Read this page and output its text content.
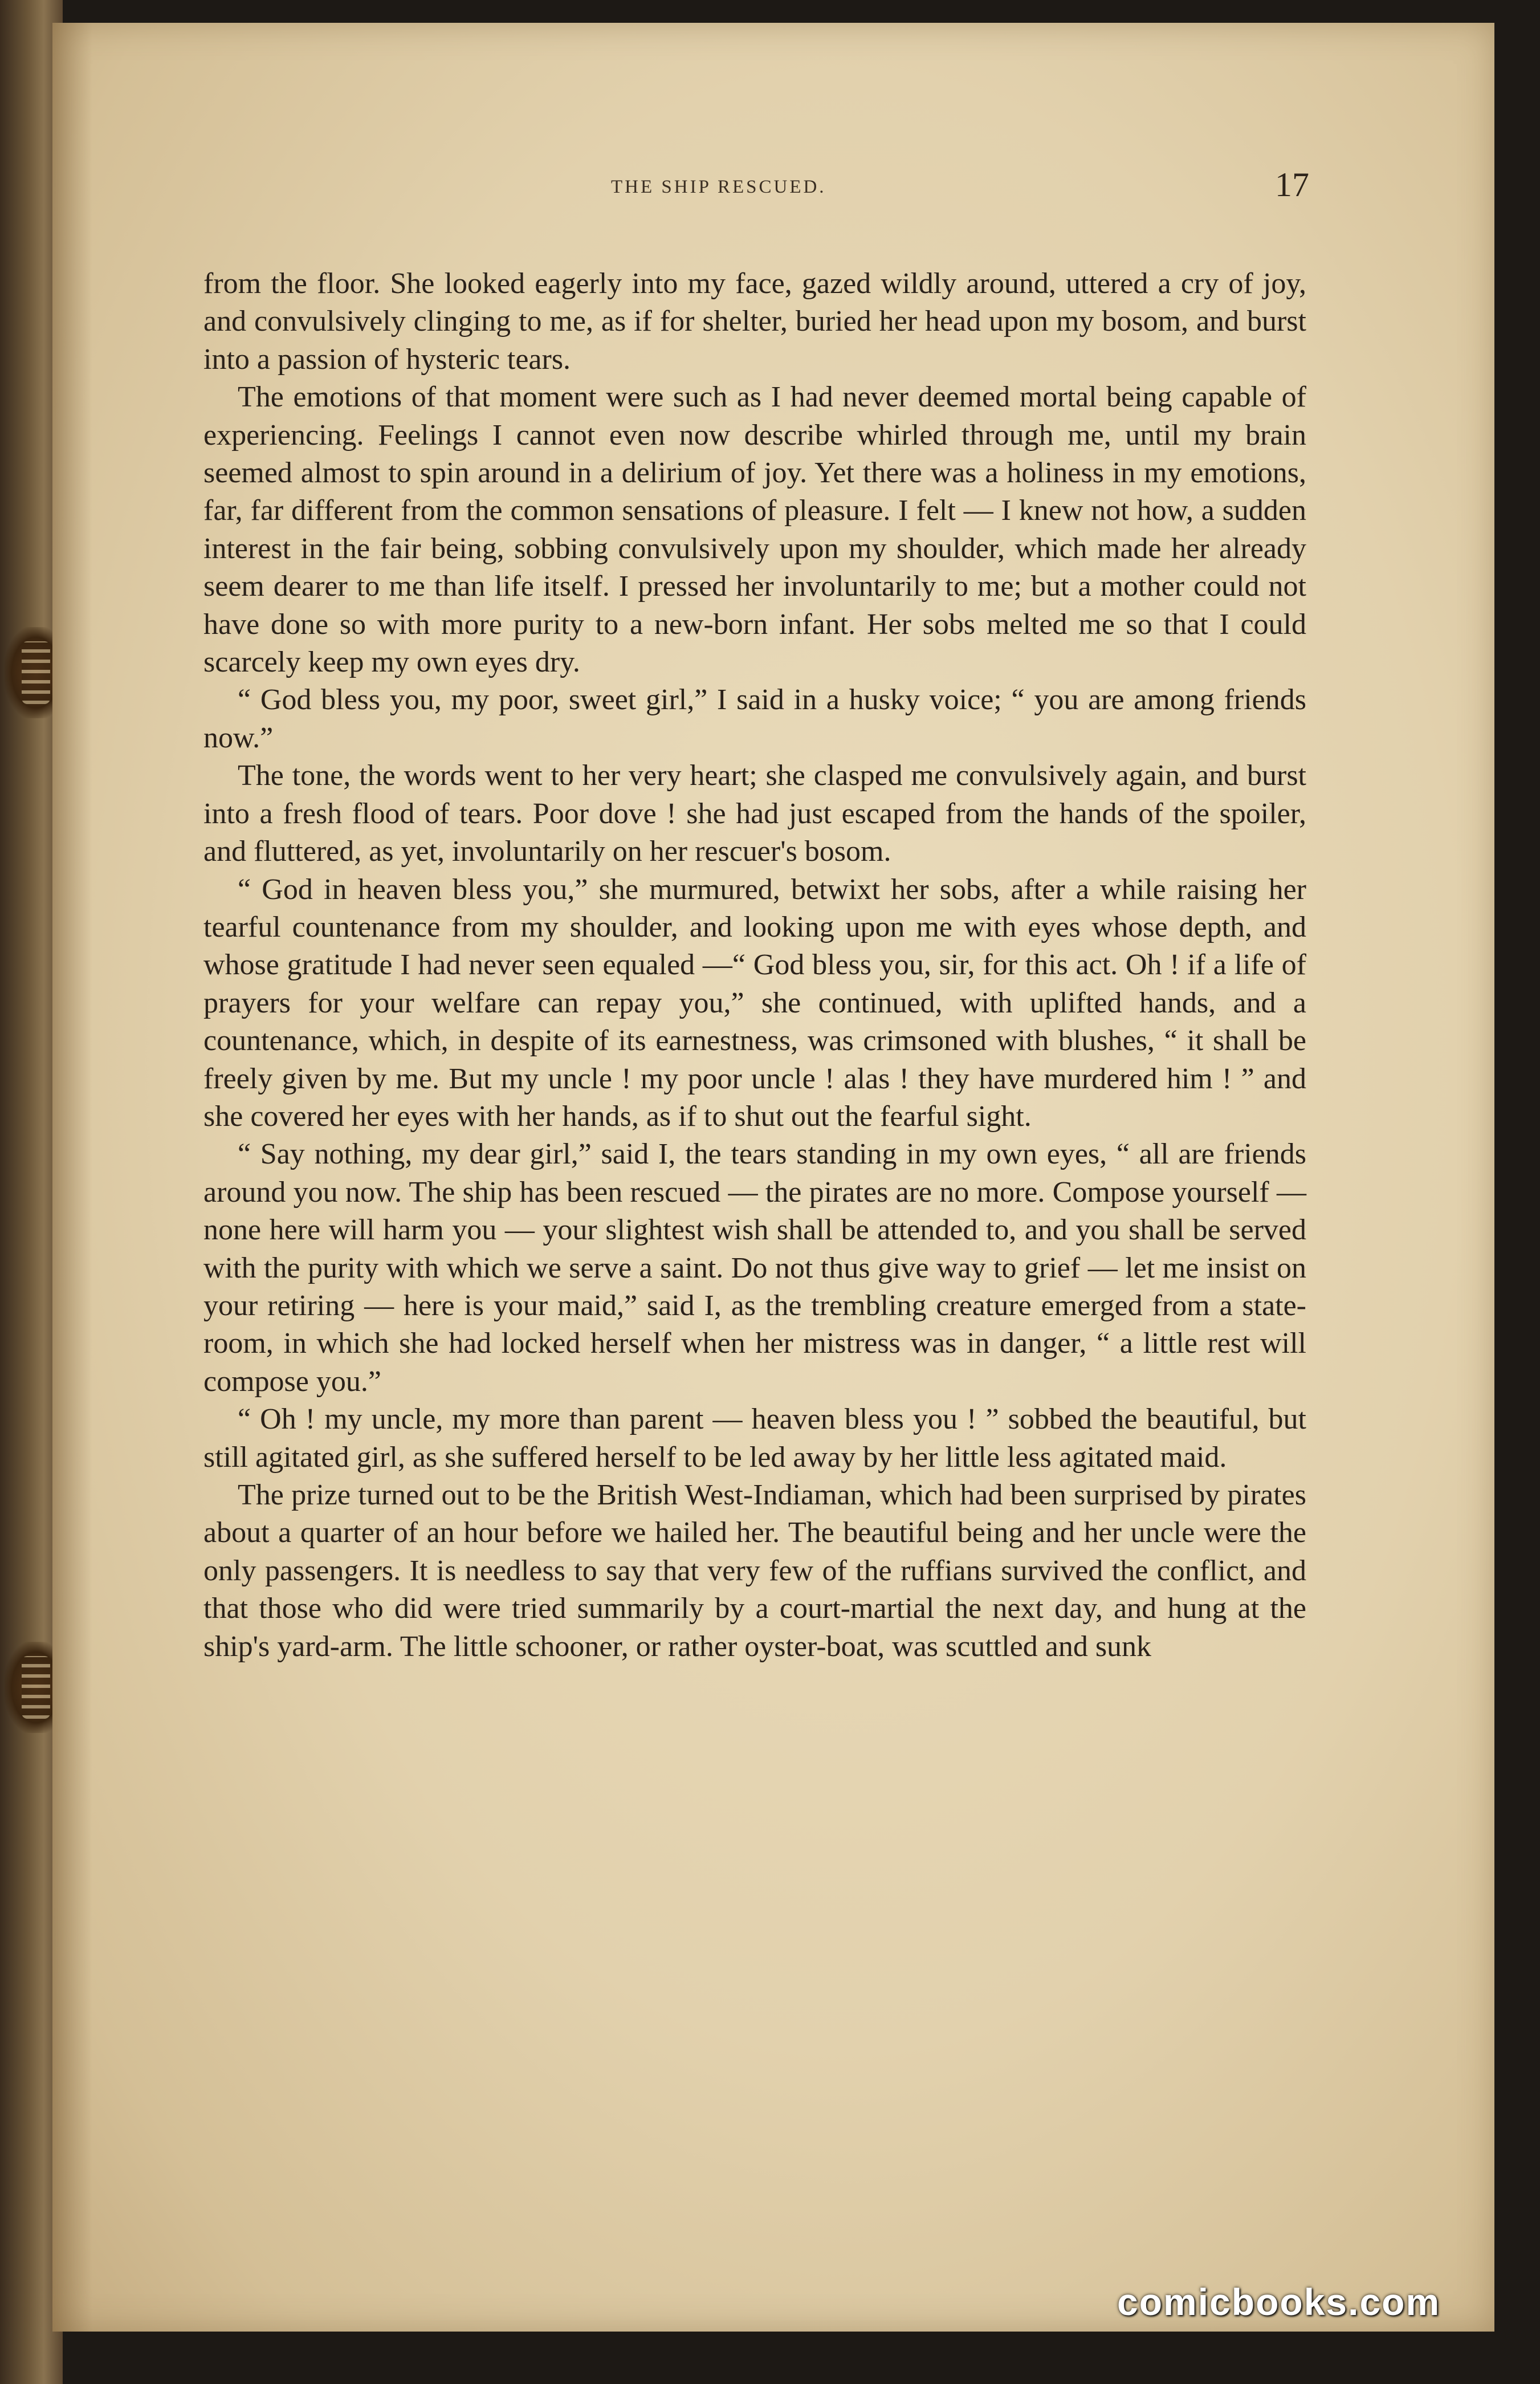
THE SHIP RESCUED.	17

from the floor. She looked eagerly into my face, gazed wildly around, uttered a cry of joy, and convulsively clinging to me, as if for shelter, buried her head upon my bosom, and burst into a passion of hysteric tears.

The emotions of that moment were such as I had never deemed mortal being capable of experiencing. Feelings I cannot even now describe whirled through me, until my brain seemed almost to spin around in a delirium of joy. Yet there was a holiness in my emotions, far, far different from the common sensations of pleasure. I felt — I knew not how, a sudden interest in the fair being, sobbing convulsively upon my shoulder, which made her already seem dearer to me than life itself. I pressed her involuntarily to me; but a mother could not have done so with more purity to a new-born infant. Her sobs melted me so that I could scarcely keep my own eyes dry.

“ God bless you, my poor, sweet girl,” I said in a husky voice; “ you are among friends now.”

The tone, the words went to her very heart; she clasped me convulsively again, and burst into a fresh flood of tears. Poor dove ! she had just escaped from the hands of the spoiler, and fluttered, as yet, involuntarily on her rescuer's bosom.

“ God in heaven bless you,” she murmured, betwixt her sobs, after a while raising her tearful countenance from my shoulder, and looking upon me with eyes whose depth, and whose gratitude I had never seen equaled —“ God bless you, sir, for this act. Oh ! if a life of prayers for your welfare can repay you,” she continued, with uplifted hands, and a countenance, which, in despite of its earnestness, was crimsoned with blushes, “ it shall be freely given by me. But my uncle ! my poor uncle ! alas ! they have murdered him ! ” and she covered her eyes with her hands, as if to shut out the fearful sight.

“ Say nothing, my dear girl,” said I, the tears standing in my own eyes, “ all are friends around you now. The ship has been rescued — the pirates are no more. Compose yourself — none here will harm you — your slightest wish shall be attended to, and you shall be served with the purity with which we serve a saint. Do not thus give way to grief — let me insist on your retiring — here is your maid,” said I, as the trembling creature emerged from a state-room, in which she had locked herself when her mistress was in danger, “ a little rest will compose you.”

“ Oh ! my uncle, my more than parent — heaven bless you ! ” sobbed the beautiful, but still agitated girl, as she suffered herself to be led away by her little less agitated maid.

The prize turned out to be the British West-Indiaman, which had been surprised by pirates about a quarter of an hour before we hailed her. The beautiful being and her uncle were the only passengers. It is needless to say that very few of the ruffians survived the conflict, and that those who did were tried summarily by a court-martial the next day, and hung at the ship's yard-arm. The little schooner, or rather oyster-boat, was scuttled and sunk

comicbooks.com
